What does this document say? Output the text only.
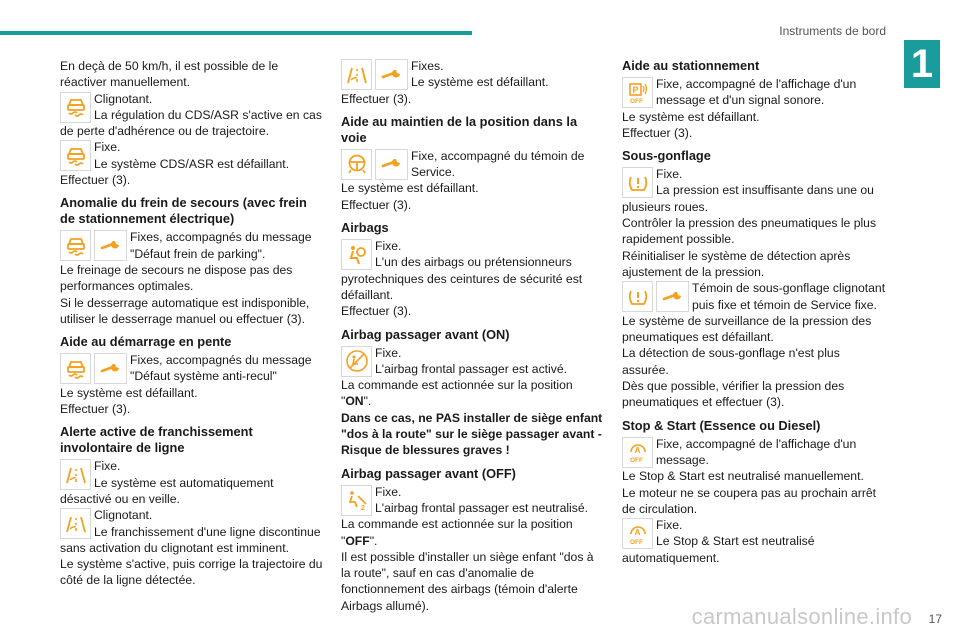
Instruments de bord
1

En deçà de 50 km/h, il est possible de le réactiver manuellement.

Clignotant.

La régulation du CDS/ASR s'active en cas de perte d'adhérence ou de trajectoire.

Fixe.

Le système CDS/ASR est défaillant.

Effectuer (3).

Anomalie du frein de secours (avec frein de stationnement électrique)

Fixes, accompagnés du message "Défaut frein de parking".

Le freinage de secours ne dispose pas des performances optimales.

Si le desserrage automatique est indisponible, utiliser le desserrage manuel ou effectuer (3).

Aide au démarrage en pente

Fixes, accompagnés du message "Défaut système anti-recul"

Le système est défaillant.

Effectuer (3).

Alerte active de franchissement involontaire de ligne

Fixe.

Le système est automatiquement désactivé ou en veille.

Clignotant.

Le franchissement d'une ligne discontinue sans activation du clignotant est imminent.

Le système s'active, puis corrige la trajectoire du côté de la ligne détectée.

Fixes.

Le système est défaillant.

Effectuer (3).

Aide au maintien de la position dans la voie

Fixe, accompagné du témoin de Service.

Le système est défaillant.

Effectuer (3).

Airbags

Fixe.

L'un des airbags ou prétensionneurs pyrotechniques des ceintures de sécurité est défaillant.

Effectuer (3).

Airbag passager avant (ON)

Fixe.

L'airbag frontal passager est activé.

La commande est actionnée sur la position "ON".

Dans ce cas, ne PAS installer de siège enfant "dos à la route" sur le siège passager avant - Risque de blessures graves !

Airbag passager avant (OFF)

Fixe.

L'airbag frontal passager est neutralisé.

La commande est actionnée sur la position "OFF".

Il est possible d'installer un siège enfant "dos à la route", sauf en cas d'anomalie de fonctionnement des airbags (témoin d'alerte Airbags allumé).

Aide au stationnement
P
OFF

Fixe, accompagné de l'affichage d'un message et d'un signal sonore.

Le système est défaillant.

Effectuer (3).

Sous-gonflage

Fixe.

La pression est insuffisante dans une ou plusieurs roues.

Contrôler la pression des pneumatiques le plus rapidement possible.

Réinitialiser le système de détection après ajustement de la pression.

Témoin de sous-gonflage clignotant puis fixe et témoin de Service fixe.

Le système de surveillance de la pression des pneumatiques est défaillant.

La détection de sous-gonflage n'est plus assurée.

Dès que possible, vérifier la pression des pneumatiques et effectuer (3).

Stop & Start (Essence ou Diesel)
A
OFF

Fixe, accompagné de l'affichage d'un message.

Le Stop & Start est neutralisé manuellement.

Le moteur ne se coupera pas au prochain arrêt de circulation.

A
OFF

Fixe.

Le Stop & Start est neutralisé automatiquement.

carmanualsonline.info 17
